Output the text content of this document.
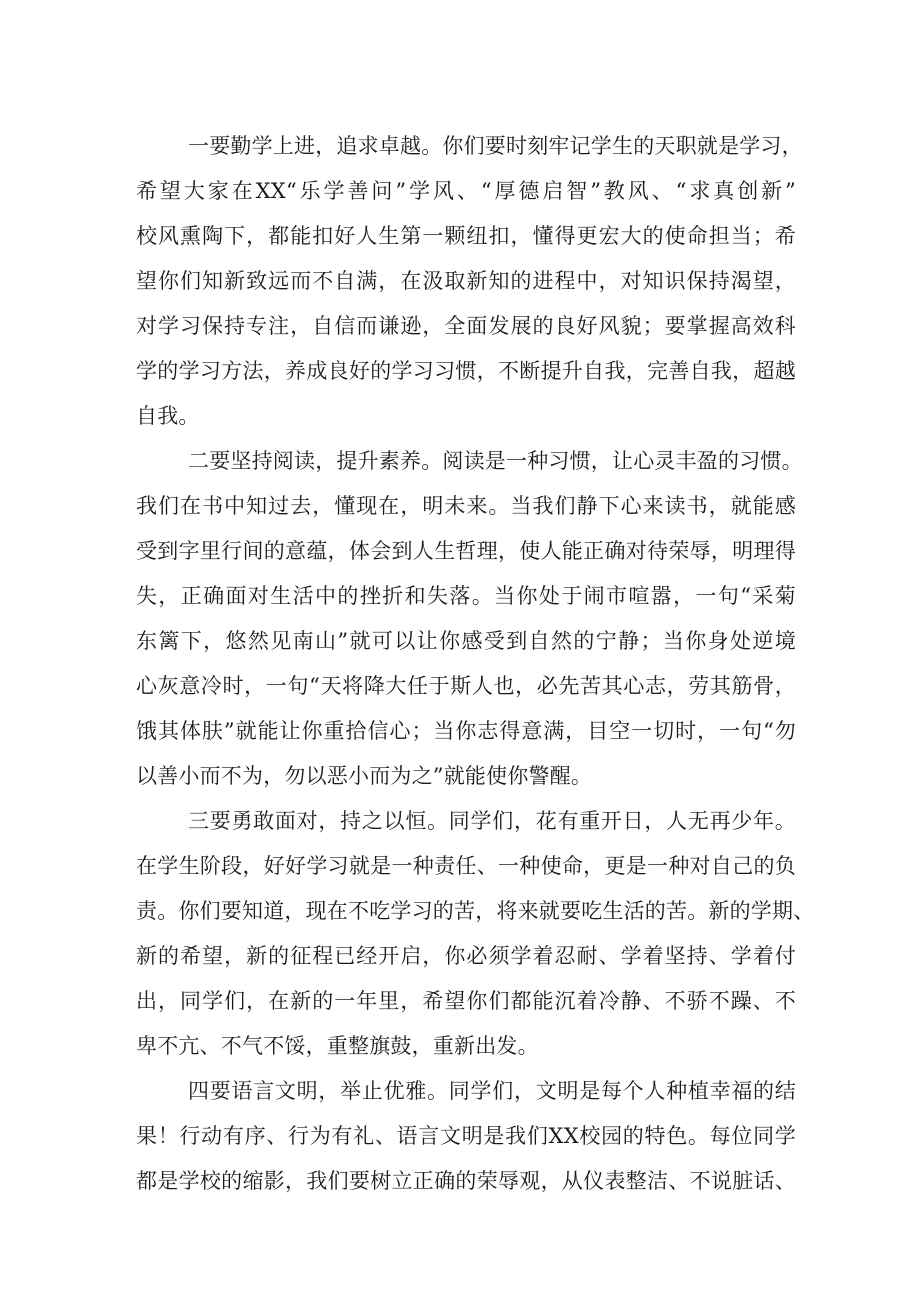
一要勤学上进，追求卓越。你们要时刻牢记学生的天职就是学习，
希望大家在XX“乐学善问”学风、“厚德启智”教风、“求真创新”
校风熏陶下，都能扣好人生第一颗纽扣，懂得更宏大的使命担当；希
望你们知新致远而不自满，在汲取新知的进程中，对知识保持渴望，
对学习保持专注，自信而谦逊，全面发展的良好风貌；要掌握高效科
学的学习方法，养成良好的学习习惯，不断提升自我，完善自我，超越
自我。
二要坚持阅读，提升素养。阅读是一种习惯，让心灵丰盈的习惯。
我们在书中知过去，懂现在，明未来。当我们静下心来读书，就能感
受到字里行间的意蕴，体会到人生哲理，使人能正确对待荣辱，明理得
失，正确面对生活中的挫折和失落。当你处于闹市喧嚣，一句“采菊
东篱下，悠然见南山”就可以让你感受到自然的宁静；当你身处逆境
心灰意冷时，一句“天将降大任于斯人也，必先苦其心志，劳其筋骨，
饿其体肤”就能让你重拾信心；当你志得意满，目空一切时，一句“勿
以善小而不为，勿以恶小而为之”就能使你警醒。
三要勇敢面对，持之以恒。同学们，花有重开日，人无再少年。
在学生阶段，好好学习就是一种责任、一种使命，更是一种对自己的负
责。你们要知道，现在不吃学习的苦，将来就要吃生活的苦。新的学期、
新的希望，新的征程已经开启，你必须学着忍耐、学着坚持、学着付
出，同学们，在新的一年里，希望你们都能沉着冷静、不骄不躁、不
卑不亢、不气不馁，重整旗鼓，重新出发。
四要语言文明，举止优雅。同学们，文明是每个人种植幸福的结
果！行动有序、行为有礼、语言文明是我们XX校园的特色。每位同学
都是学校的缩影，我们要树立正确的荣辱观，从仪表整洁、不说脏话、
